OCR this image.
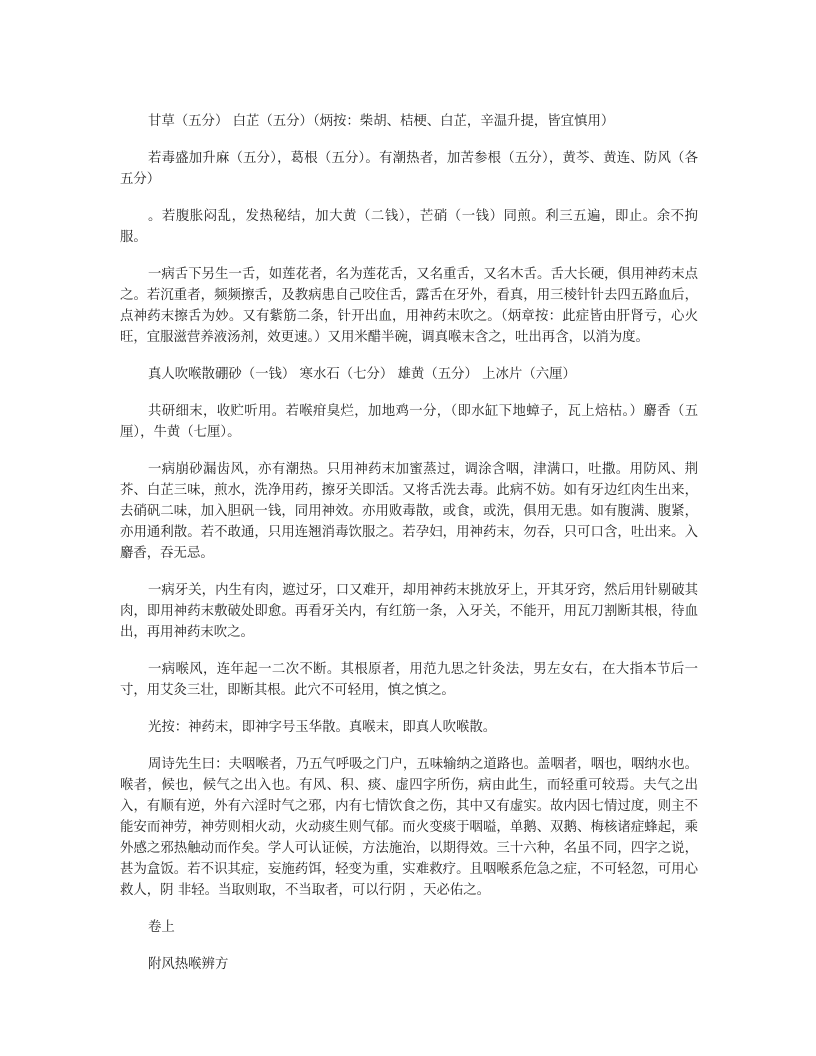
甘草（五分） 白芷（五分）（炳按：柴胡、桔梗、白芷，辛温升提，皆宜慎用）

若毒盛加升麻（五分），葛根（五分）。有潮热者，加苦参根（五分），黄芩、黄连、防风（各五分）

。若腹胀闷乱，发热秘结，加大黄（二钱），芒硝（一钱）同煎。利三五遍，即止。余不拘服。

一病舌下另生一舌，如莲花者，名为莲花舌，又名重舌，又名木舌。舌大长硬，俱用神药末点之。若沉重者，频频擦舌，及教病患自己咬住舌，露舌在牙外，看真，用三棱针针去四五路血后，点神药末擦舌为妙。又有紫筋二条，针开出血，用神药末吹之。（炳章按：此症皆由肝肾亏，心火旺，宜服滋营养液汤剂，效更速。）又用米醋半碗，调真喉末含之，吐出再含，以消为度。

真人吹喉散硼砂（一钱） 寒水石（七分） 雄黄（五分） 上冰片（六厘）

共研细末，收贮听用。若喉疳臭烂，加地鸡一分，（即水缸下地蟑子，瓦上焙枯。）麝香（五厘），牛黄（七厘）。

一病崩砂漏齿风，亦有潮热。只用神药末加蜜蒸过，调涂含咽，津满口，吐撒。用防风、荆芥、白芷三味，煎水，洗净用药，擦牙关即活。又将舌洗去毒。此病不妨。如有牙边红肉生出来，去硝矾二味，加入胆矾一钱，同用神效。亦用败毒散，或食，或洗，俱用无患。如有腹满、腹紧，亦用通利散。若不敢通，只用连翘消毒饮服之。若孕妇，用神药末，勿吞，只可口含，吐出来。入麝香，吞无忌。

一病牙关，内生有肉，遮过牙，口又难开，却用神药末挑放牙上，开其牙窍，然后用针剔破其肉，即用神药末敷破处即愈。再看牙关内，有红筋一条，入牙关，不能开，用瓦刀割断其根，待血出，再用神药末吹之。

一病喉风，连年起一二次不断。其根原者，用范九思之针灸法，男左女右，在大指本节后一寸，用艾灸三壮，即断其根。此穴不可轻用，慎之慎之。

光按：神药末，即神字号玉华散。真喉末，即真人吹喉散。

周诗先生曰：夫咽喉者，乃五气呼吸之门户，五味输纳之道路也。盖咽者，咽也，咽纳水也。喉者，候也，候气之出入也。有风、积、痰、虚四字所伤，病由此生，而轻重可较焉。夫气之出入，有顺有逆，外有六淫时气之邪，内有七情饮食之伤，其中又有虚实。故内因七情过度，则主不能安而神劳，神劳则相火动，火动痰生则气郁。而火变痰于咽嗌，单鹅、双鹅、梅核诸症蜂起，乘外感之邪热触动而作矣。学人可认证候，方法施治，以期得效。三十六种，名虽不同，四字之说，甚为盒饭。若不识其症，妄施药饵，轻变为重，实难救疗。且咽喉系危急之症，不可轻忽，可用心救人，阴 非轻。当取则取，不当取者，可以行阴 ，天必佑之。

卷上

附风热喉辨方
